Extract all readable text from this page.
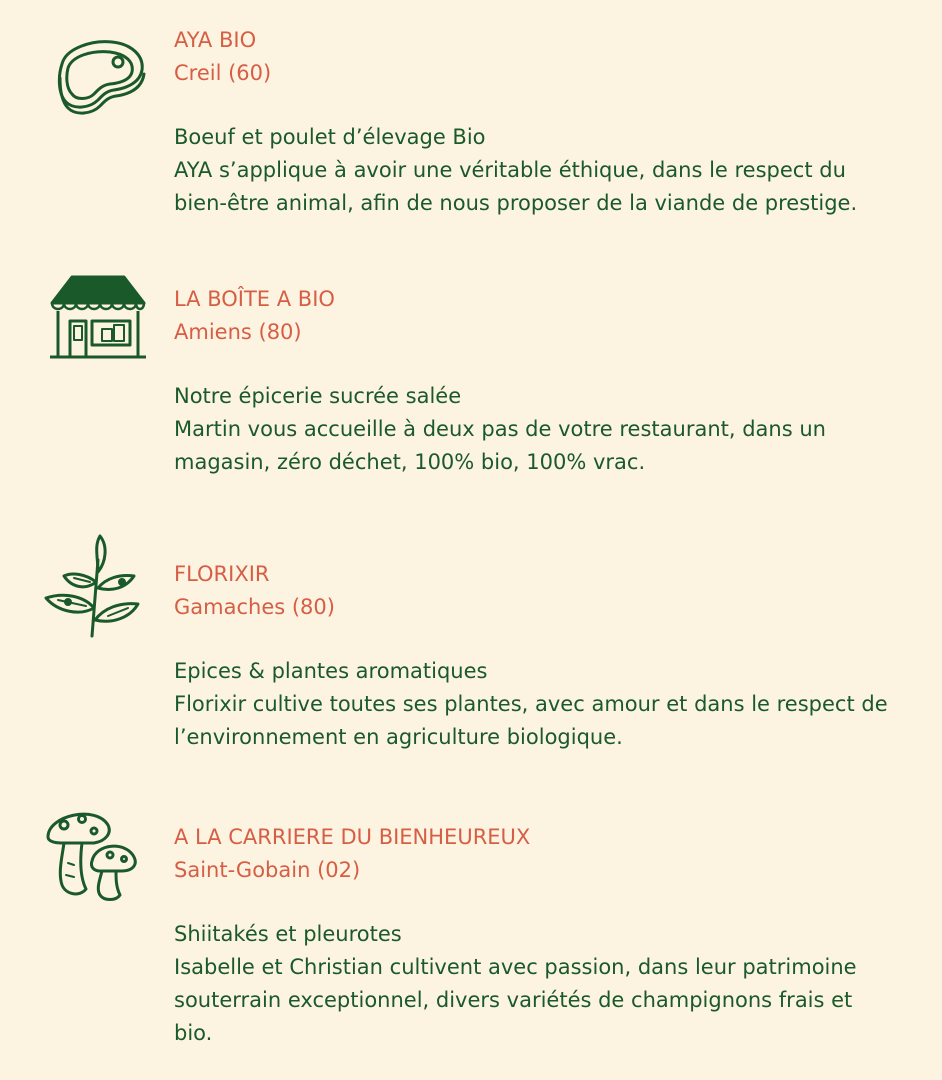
AYA BIO

Creil (60)

Boeuf et poulet d’élevage Bio

AYA s’applique à avoir une véritable éthique, dans le respect du bien-être animal, afin de nous proposer de la viande de prestige.

LA BOÎTE A BIO

Amiens (80)

Notre épicerie sucrée salée

Martin vous accueille à deux pas de votre restaurant, dans un magasin, zéro déchet, 100% bio, 100% vrac.

FLORIXIR

Gamaches (80)

Epices & plantes aromatiques

Florixir cultive toutes ses plantes, avec amour et dans le respect de l’environnement en agriculture biologique.

A LA CARRIERE DU BIENHEUREUX

Saint-Gobain (02)

Shiitakés et pleurotes

Isabelle et Christian cultivent avec passion, dans leur patrimoine souterrain exceptionnel, divers variétés de champignons frais et bio.
